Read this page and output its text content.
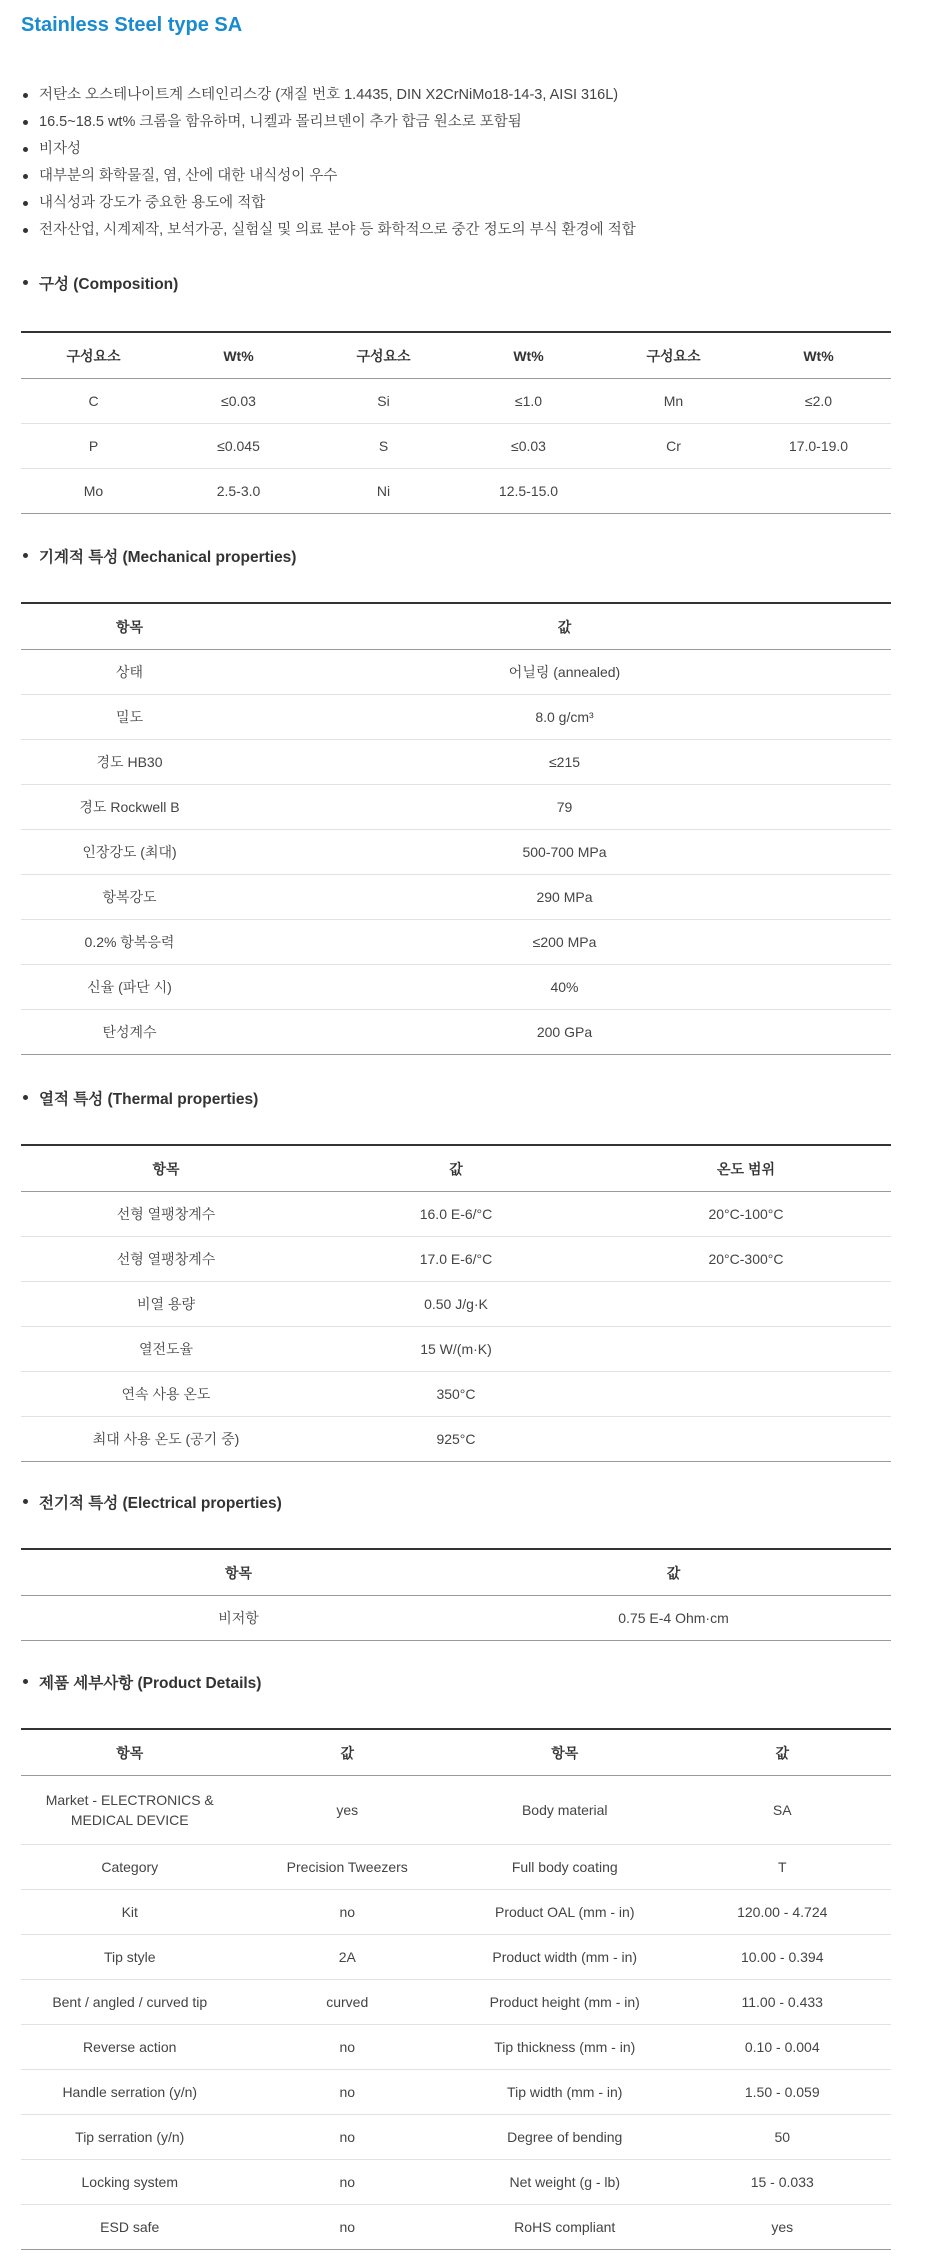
Stainless Steel type SA
저탄소 오스테나이트계 스테인리스강 (재질 번호 1.4435, DIN X2CrNiMo18-14-3, AISI 316L)
16.5~18.5 wt% 크롬을 함유하며, 니켈과 몰리브덴이 추가 합금 원소로 포함됨
비자성
대부분의 화학물질, 염, 산에 대한 내식성이 우수
내식성과 강도가 중요한 용도에 적합
전자산업, 시계제작, 보석가공, 실험실 및 의료 분야 등 화학적으로 중간 정도의 부식 환경에 적합
구성 (Composition)
구성요소	Wt%	구성요소	Wt%	구성요소	Wt%
C	≤0.03	Si	≤1.0	Mn	≤2.0
P	≤0.045	S	≤0.03	Cr	17.0-19.0
Mo	2.5-3.0	Ni	12.5-15.0		
기계적 특성 (Mechanical properties)
항목	값
상태	어닐링 (annealed)
밀도	8.0 g/cm³
경도 HB30	≤215
경도 Rockwell B	79
인장강도 (최대)	500-700 MPa
항복강도	290 MPa
0.2% 항복응력	≤200 MPa
신율 (파단 시)	40%
탄성계수	200 GPa
열적 특성 (Thermal properties)
항목	값	온도 범위
선형 열팽창계수	16.0 E-6/°C	20°C-100°C
선형 열팽창계수	17.0 E-6/°C	20°C-300°C
비열 용량	0.50 J/g·K	
열전도율	15 W/(m·K)	
연속 사용 온도	350°C	
최대 사용 온도 (공기 중)	925°C	
전기적 특성 (Electrical properties)
항목	값
비저항	0.75 E-4 Ohm·cm
제품 세부사항 (Product Details)
항목	값	항목	값
Market - ELECTRONICS & MEDICAL DEVICE	yes	Body material	SA
Category	Precision Tweezers	Full body coating	T
Kit	no	Product OAL (mm - in)	120.00 - 4.724
Tip style	2A	Product width (mm - in)	10.00 - 0.394
Bent / angled / curved tip	curved	Product height (mm - in)	11.00 - 0.433
Reverse action	no	Tip thickness (mm - in)	0.10 - 0.004
Handle serration (y/n)	no	Tip width (mm - in)	1.50 - 0.059
Tip serration (y/n)	no	Degree of bending	50
Locking system	no	Net weight (g - lb)	15 - 0.033
ESD safe	no	RoHS compliant	yes
